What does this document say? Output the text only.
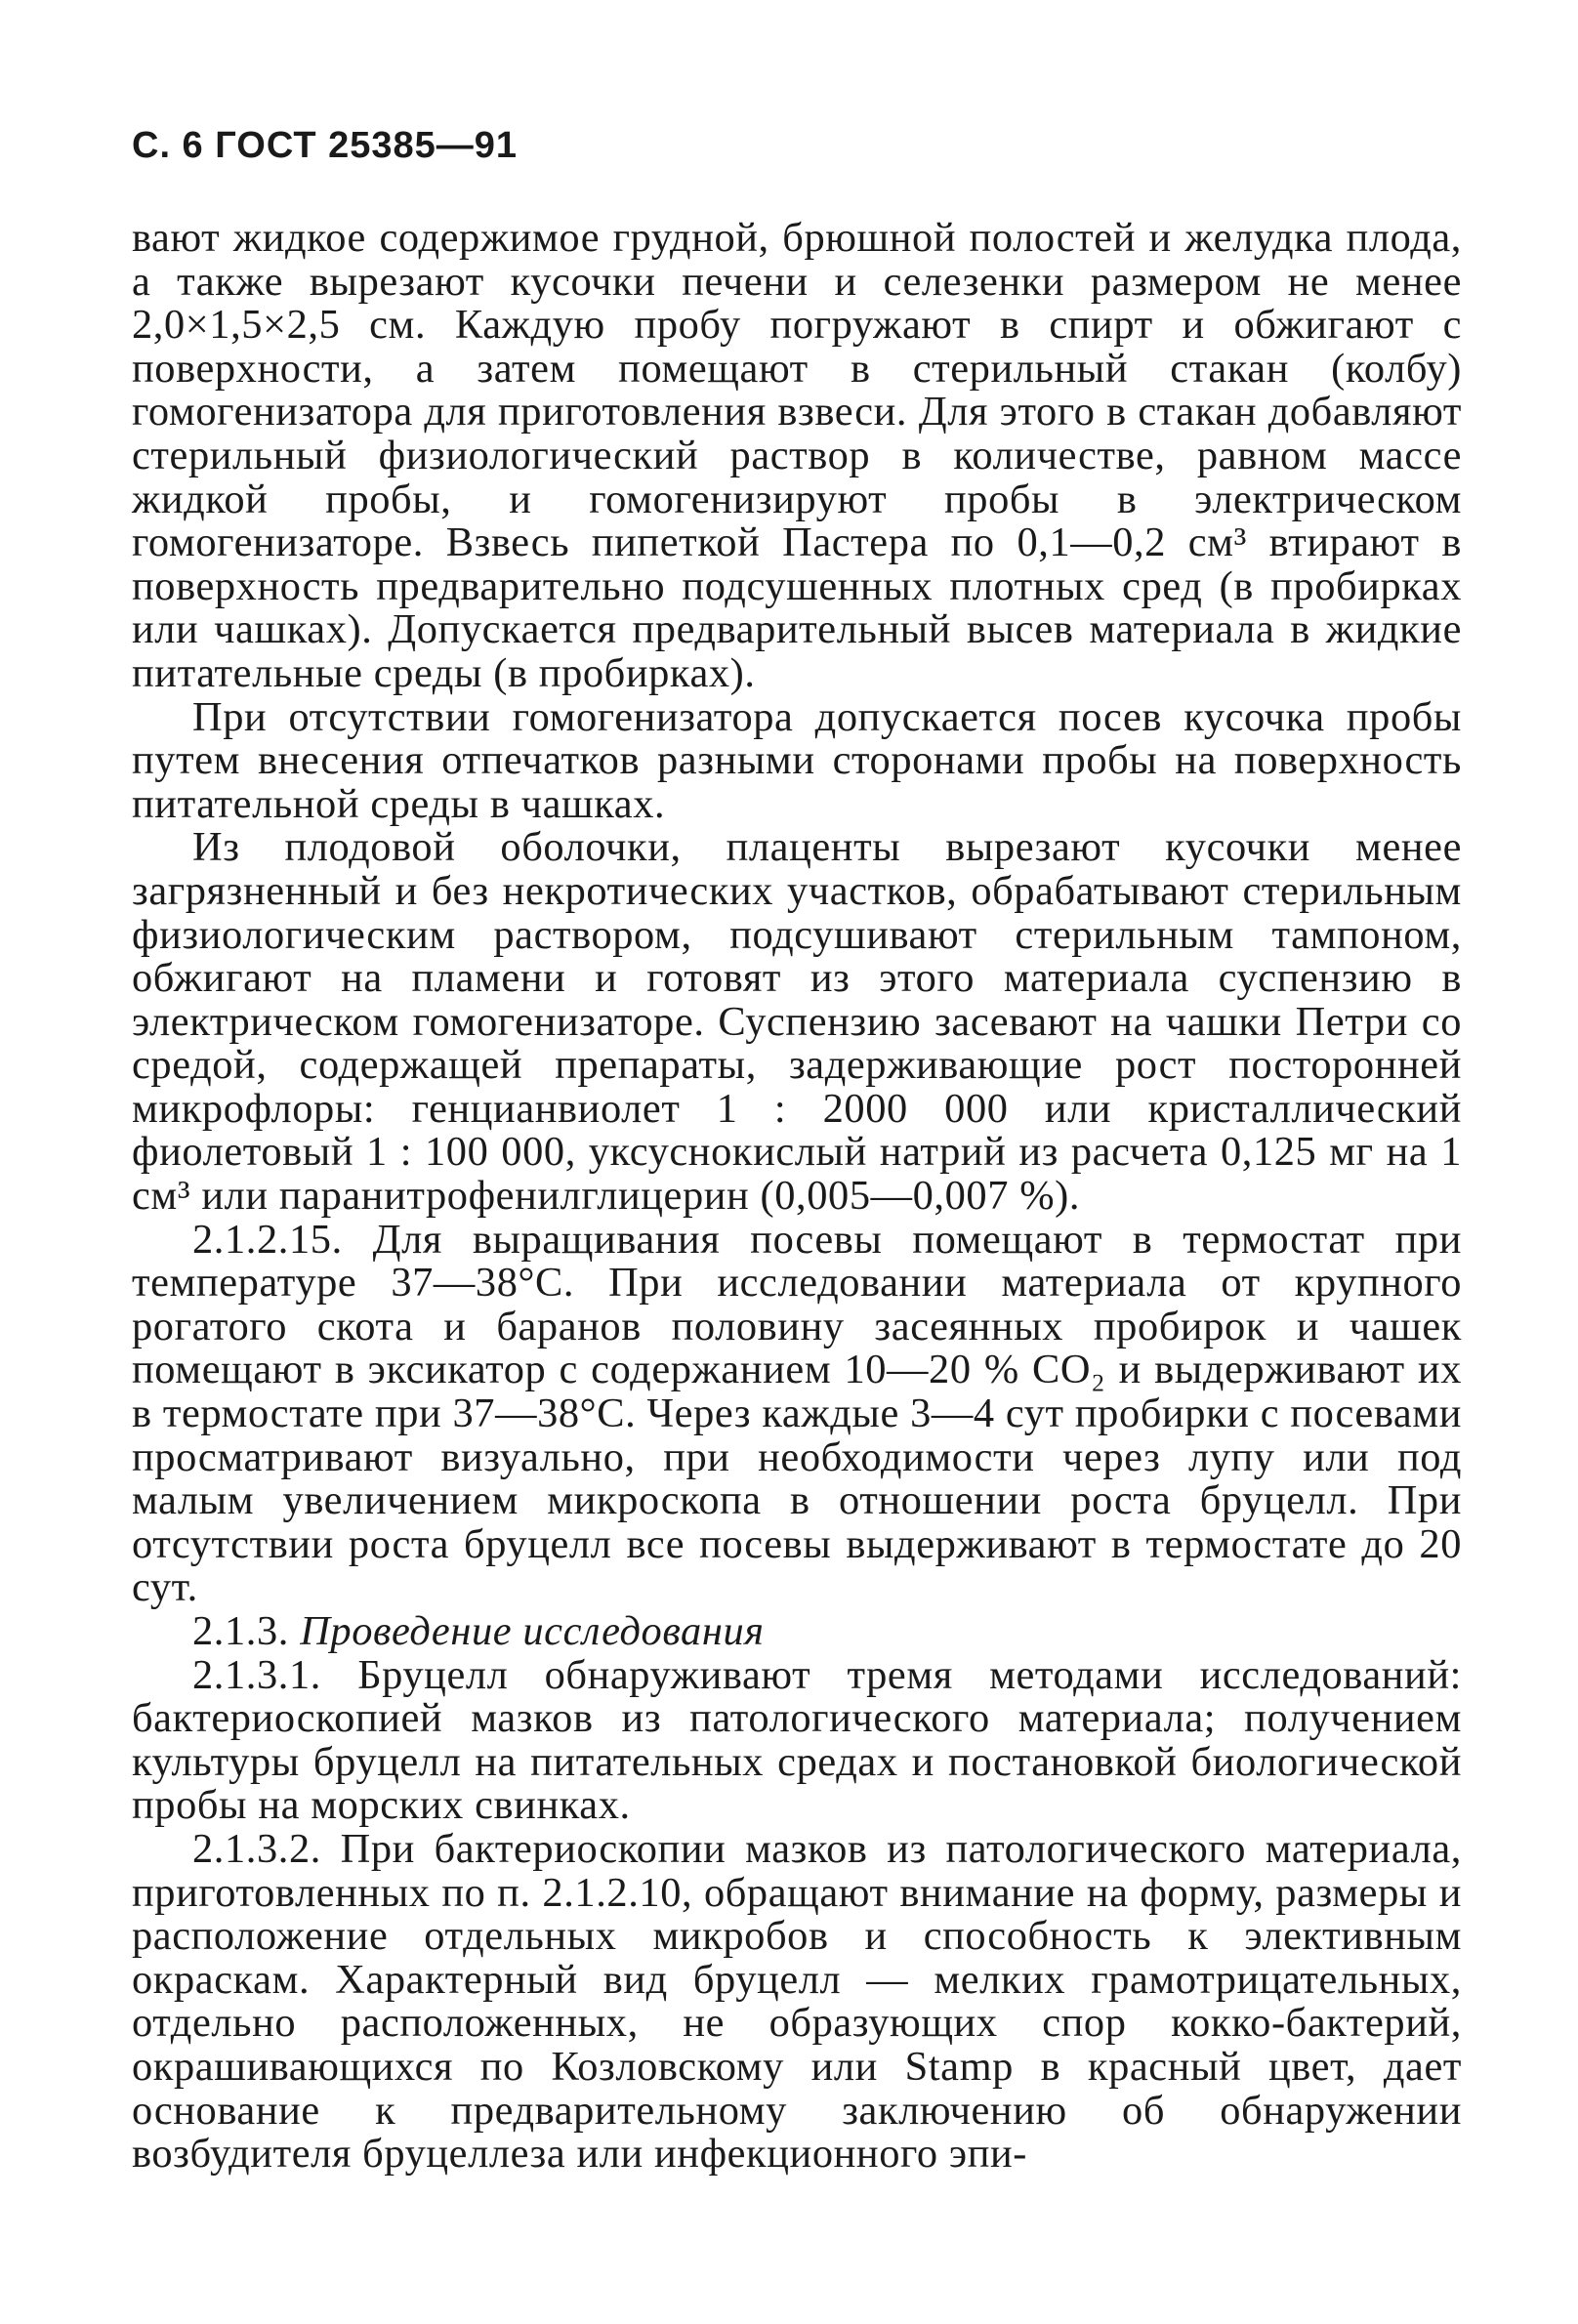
С. 6 ГОСТ 25385—91

вают жидкое содержимое грудной, брюшной полостей и желудка плода, а также вырезают кусочки печени и селезенки размером не менее 2,0×1,5×2,5 см. Каждую пробу погружают в спирт и обжигают с поверхности, а затем помещают в стерильный стакан (колбу) гомогенизатора для приготовления взвеси. Для этого в стакан добавляют стерильный физиологический раствор в количестве, равном массе жидкой пробы, и гомогенизируют пробы в электрическом гомогенизаторе. Взвесь пипеткой Пастера по 0,1—0,2 см³ втирают в поверхность предварительно подсушенных плотных сред (в пробирках или чашках). Допускается предварительный высев материала в жидкие питательные среды (в пробирках).

При отсутствии гомогенизатора допускается посев кусочка пробы путем внесения отпечатков разными сторонами пробы на поверхность питательной среды в чашках.

Из плодовой оболочки, плаценты вырезают кусочки менее загрязненный и без некротических участков, обрабатывают стерильным физиологическим раствором, подсушивают стерильным тампоном, обжигают на пламени и готовят из этого материала суспензию в электрическом гомогенизаторе. Суспензию засевают на чашки Петри со средой, содержащей препараты, задерживающие рост посторонней микрофлоры: генцианвиолет 1 : 2000 000 или кристаллический фиолетовый 1 : 100 000, уксуснокислый натрий из расчета 0,125 мг на 1 см³ или паранитрофенилглицерин (0,005—0,007 %).

2.1.2.15. Для выращивания посевы помещают в термостат при температуре 37—38°С. При исследовании материала от крупного рогатого скота и баранов половину засеянных пробирок и чашек помещают в эксикатор с содержанием 10—20 % CO₂ и выдерживают их в термостате при 37—38°С. Через каждые 3—4 сут пробирки с посевами просматривают визуально, при необходимости через лупу или под малым увеличением микроскопа в отношении роста бруцелл. При отсутствии роста бруцелл все посевы выдерживают в термостате до 20 сут.

2.1.3. Проведение исследования

2.1.3.1. Бруцелл обнаруживают тремя методами исследований: бактериоскопией мазков из патологического материала; получением культуры бруцелл на питательных средах и постановкой биологической пробы на морских свинках.

2.1.3.2. При бактериоскопии мазков из патологического материала, приготовленных по п. 2.1.2.10, обращают внимание на форму, размеры и расположение отдельных микробов и способность к элективным окраскам. Характерный вид бруцелл — мелких грамотрицательных, отдельно расположенных, не образующих спор кокко-бактерий, окрашивающихся по Козловскому или Stamp в красный цвет, дает основание к предварительному заключению об обнаружении возбудителя бруцеллеза или инфекционного эпи-
